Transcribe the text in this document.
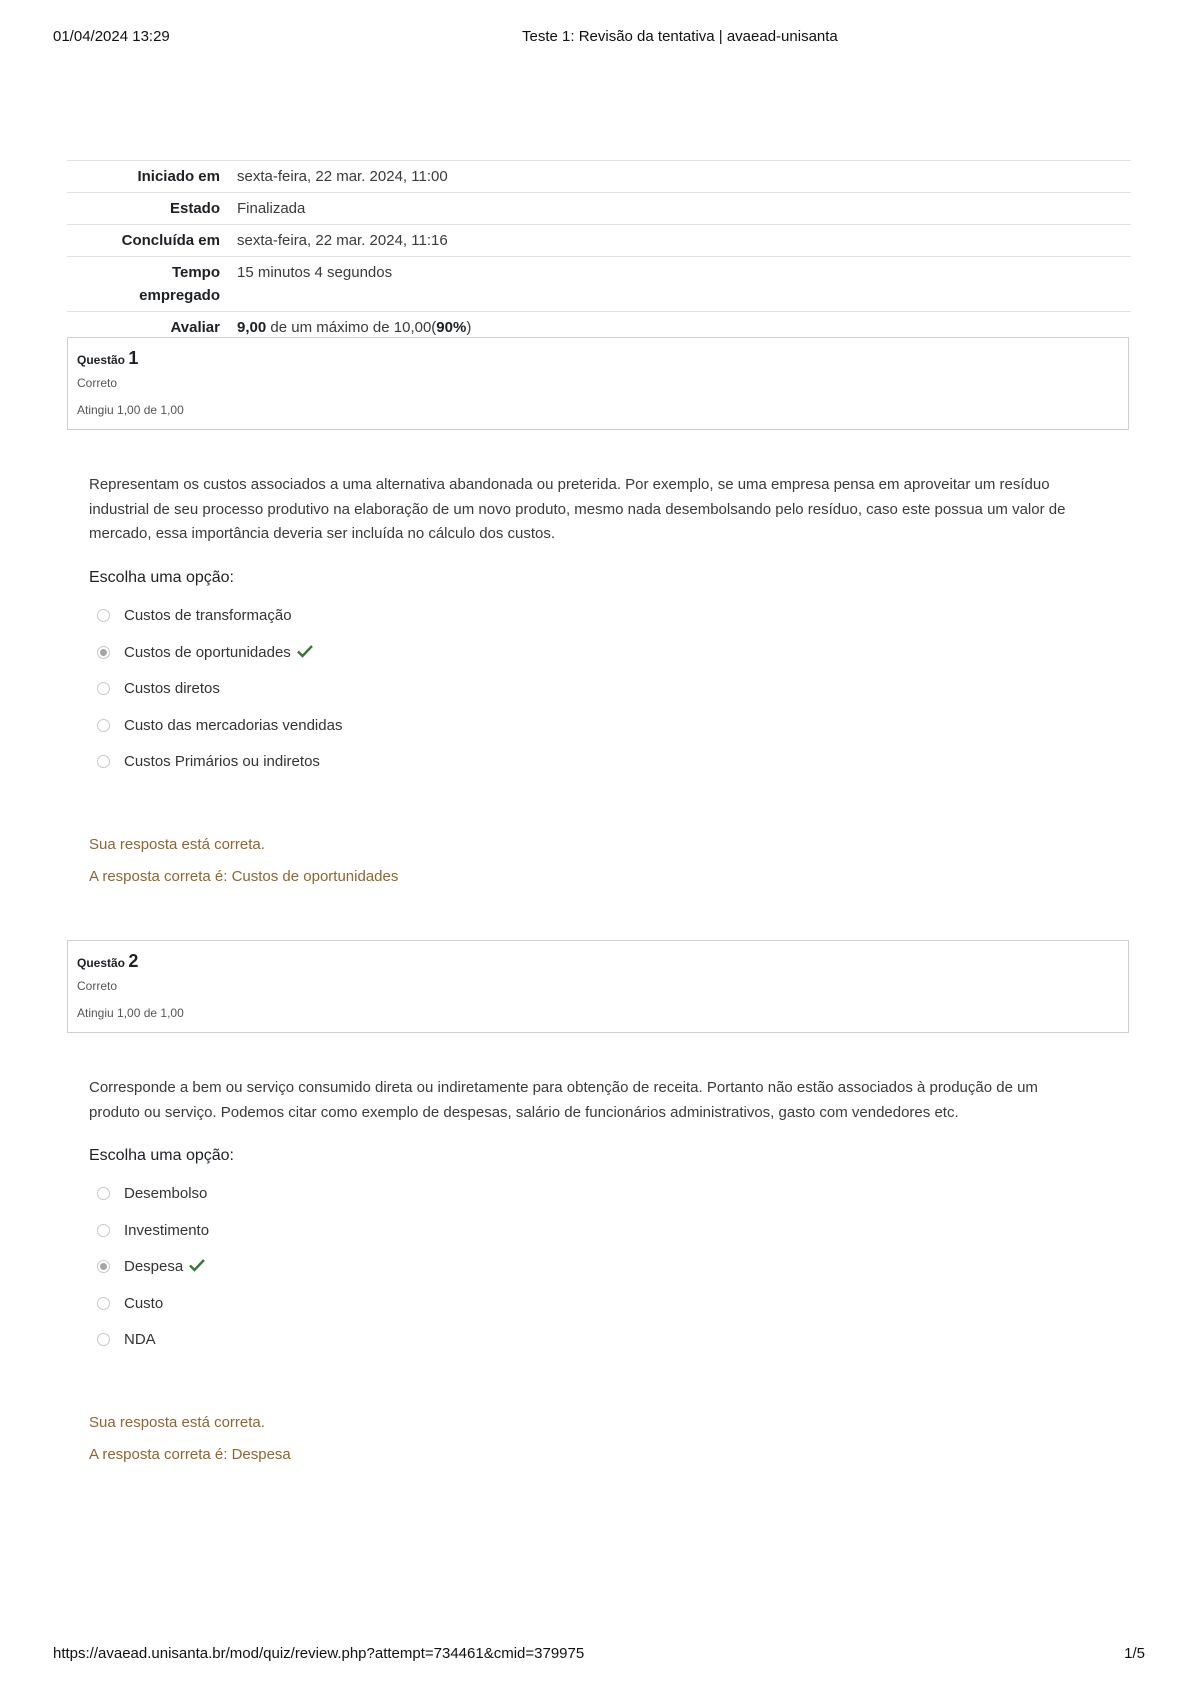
01/04/2024 13:29	Teste 1: Revisão da tentativa | avaead-unisanta
Iniciado em	sexta-feira, 22 mar. 2024, 11:00
Estado	Finalizada
Concluída em	sexta-feira, 22 mar. 2024, 11:16
Tempo
empregado	15 minutos 4 segundos
Avaliar	9,00 de um máximo de 10,00(90%)
Questão 1
Correto
Atingiu 1,00 de 1,00
Representam os custos associados a uma alternativa abandonada ou preterida. Por exemplo, se uma empresa pensa em aproveitar um resíduo industrial de seu processo produtivo na elaboração de um novo produto, mesmo nada desembolsando pelo resíduo, caso este possua um valor de mercado, essa importância deveria ser incluída no cálculo dos custos.
Escolha uma opção:
Custos de transformação
Custos de oportunidades
Custos diretos
Custo das mercadorias vendidas
Custos Primários ou indiretos
Sua resposta está correta.
A resposta correta é: Custos de oportunidades
Questão 2
Correto
Atingiu 1,00 de 1,00
Corresponde a bem ou serviço consumido direta ou indiretamente para obtenção de receita. Portanto não estão associados à produção de um produto ou serviço. Podemos citar como exemplo de despesas, salário de funcionários administrativos, gasto com vendedores etc.
Escolha uma opção:
Desembolso
Investimento
Despesa
Custo
NDA
Sua resposta está correta.
A resposta correta é: Despesa
https://avaead.unisanta.br/mod/quiz/review.php?attempt=734461&cmid=379975	1/5
